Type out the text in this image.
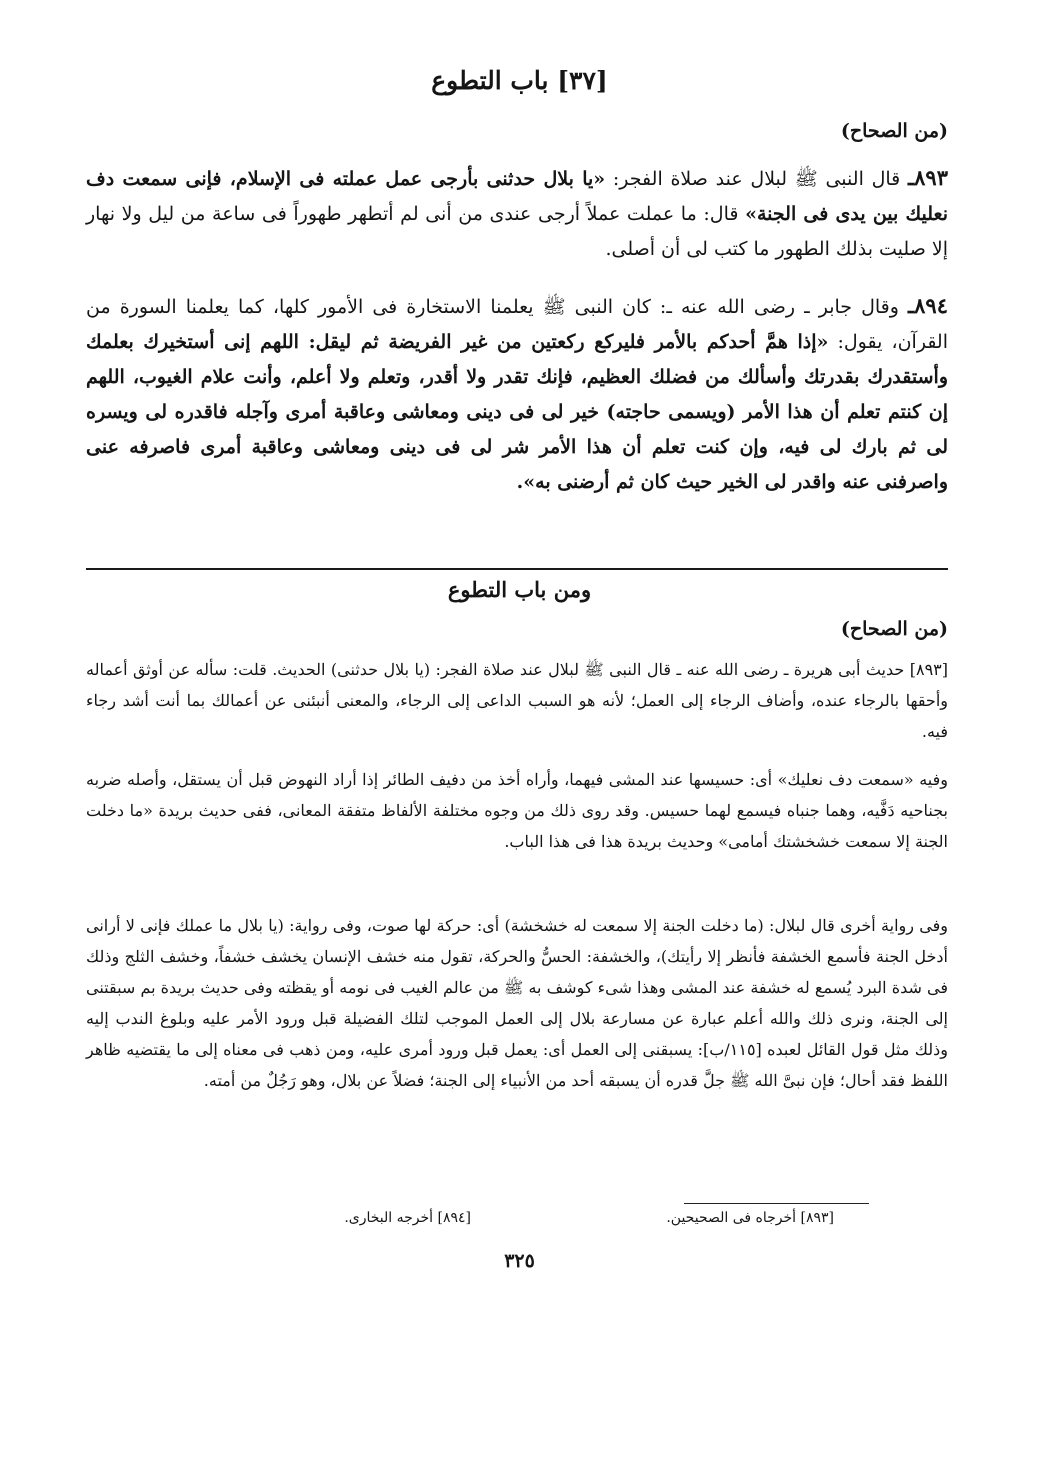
[٣٧] باب التطوع
(من الصحاح)
٨٩٣ـ قال النبى ﷺ لبلال عند صلاة الفجر: «يا بلال حدثنى بأرجى عمل عملته فى الإسلام، فإنى سمعت دف نعليك بين يدى فى الجنة» قال: ما عملت عملاً أرجى عندى من أنى لم أتطهر طهوراً فى ساعة من ليل ولا نهار إلا صليت بذلك الطهور ما كتب لى أن أصلى.
٨٩٤ـ وقال جابر ـ رضى الله عنه ـ: كان النبى ﷺ يعلمنا الاستخارة فى الأمور كلها، كما يعلمنا السورة من القرآن، يقول: «إذا همَّ أحدكم بالأمر فليركع ركعتين من غير الفريضة ثم ليقل: اللهم إنى أستخيرك بعلمك وأستقدرك بقدرتك وأسألك من فضلك العظيم، فإنك تقدر ولا أقدر، وتعلم ولا أعلم، وأنت علام الغيوب، اللهم إن كنتم تعلم أن هذا الأمر (ويسمى حاجته) خير لى فى دينى ومعاشى وعاقبة أمرى وآجله فاقدره لى ويسره لى ثم بارك لى فيه، وإن كنت تعلم أن هذا الأمر شر لى فى دينى ومعاشى وعاقبة أمرى فاصرفه عنى واصرفنى عنه واقدر لى الخير حيث كان ثم أرضنى به».
ومن باب التطوع
(من الصحاح)
[٨٩٣] حديث أبى هريرة ـ رضى الله عنه ـ قال النبى ﷺ لبلال عند صلاة الفجر: (يا بلال حدثنى) الحديث. قلت: سأله عن أوثق أعماله وأحقها بالرجاء عنده، وأضاف الرجاء إلى العمل؛ لأنه هو السبب الداعى إلى الرجاء، والمعنى أنبئنى عن أعمالك بما أنت أشد رجاء فيه.
وفيه «سمعت دف نعليك» أى: حسيسها عند المشى فيهما، وأراه أخذ من دفيف الطائر إذا أراد النهوض قبل أن يستقل، وأصله ضربه بجناحيه دَفَّيه، وهما جنباه فيسمع لهما حسيس. وقد روى ذلك من وجوه مختلفة الألفاظ متفقة المعانى، ففى حديث بريدة «ما دخلت الجنة إلا سمعت خشخشتك أمامى» وحديث بريدة هذا فى هذا الباب.
وفى رواية أخرى قال لبلال: (ما دخلت الجنة إلا سمعت له خشخشة) أى: حركة لها صوت، وفى رواية: (يا بلال ما عملك فإنى لا أرانى أدخل الجنة فأسمع الخشفة فأنظر إلا رأيتك)، والخشفة: الحسُّ والحركة، تقول منه خشف الإنسان يخشف خشفاً، وخشف الثلج وذلك فى شدة البرد يُسمع له خشفة عند المشى وهذا شىء كوشف به ﷺ من عالم الغيب فى نومه أو يقظته وفى حديث بريدة بم سبقتنى إلى الجنة، ونرى ذلك والله أعلم عبارة عن مسارعة بلال إلى العمل الموجب لتلك الفضيلة قبل ورود الأمر عليه وبلوغ الندب إليه وذلك مثل قول القائل لعبده [١١٥/ب]: يسبقنى إلى العمل أى: يعمل قبل ورود أمرى عليه، ومن ذهب فى معناه إلى ما يقتضيه ظاهر اللفظ فقد أحال؛ فإن نبىَّ الله ﷺ جلَّ قدره أن يسبقه أحد من الأنبياء إلى الجنة؛ فضلاً عن بلال، وهو رَجُلٌ من أمته.
[٨٩٣] أخرجاه فى الصحيحين.
[٨٩٤] أخرجه البخارى.
٣٢٥
